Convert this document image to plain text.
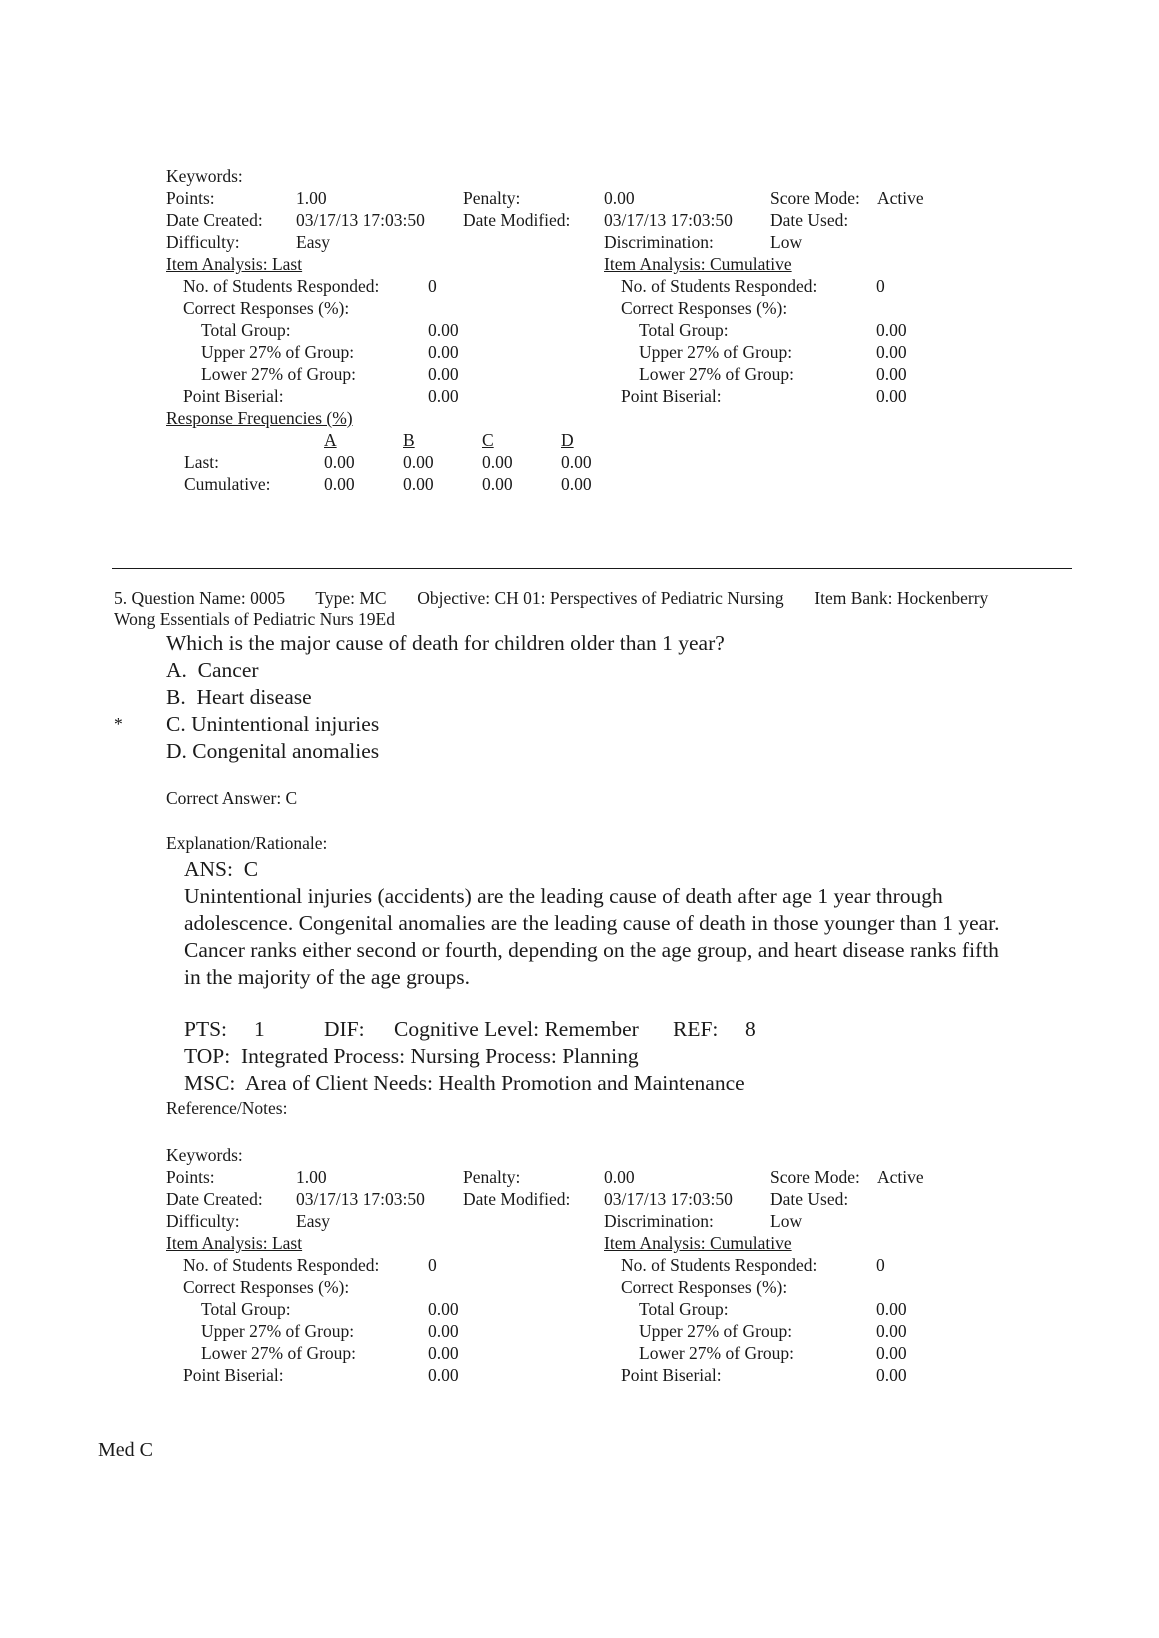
Keywords:
Points:	1.00	Penalty:	0.00	Score Mode: Active
Date Created: 03/17/13 17:03:50 Date Modified: 03/17/13 17:03:50 Date Used:
Difficulty:	Easy	Discrimination:	Low
Item Analysis: Last	Item Analysis: Cumulative
No. of Students Responded:	0	No. of Students Responded:	0
Correct Responses (%):	Correct Responses (%):
Total Group:	0.00	Total Group:	0.00
Upper 27% of Group:	0.00	Upper 27% of Group:	0.00
Lower 27% of Group:	0.00	Lower 27% of Group:	0.00
Point Biserial:	0.00	Point Biserial:	0.00
Response Frequencies (%)
A	B	C	D
Last:	0.00	0.00	0.00	0.00
Cumulative:	0.00	0.00	0.00	0.00
5. Question Name: 0005       Type: MC       Objective: CH 01: Perspectives of Pediatric Nursing       Item Bank: Hockenberry
Wong Essentials of Pediatric Nurs 19Ed
Which is the major cause of death for children older than 1 year?
A.  Cancer
B.  Heart disease
* C. Unintentional injuries
D. Congenital anomalies
Correct Answer: C
Explanation/Rationale:
ANS:  C
Unintentional injuries (accidents) are the leading cause of death after age 1 year through
adolescence. Congenital anomalies are the leading cause of death in those younger than 1 year.
Cancer ranks either second or fourth, depending on the age group, and heart disease ranks fifth
in the majority of the age groups.
PTS: 1	DIF: Cognitive Level: Remember REF: 8
TOP:  Integrated Process: Nursing Process: Planning
MSC:  Area of Client Needs: Health Promotion and Maintenance
Reference/Notes:
Keywords:
Points:	1.00	Penalty:	0.00	Score Mode: Active
Date Created: 03/17/13 17:03:50 Date Modified: 03/17/13 17:03:50 Date Used:
Difficulty:	Easy	Discrimination:	Low
Item Analysis: Last	Item Analysis: Cumulative
No. of Students Responded:	0	No. of Students Responded:	0
Correct Responses (%):	Correct Responses (%):
Total Group:	0.00	Total Group:	0.00
Upper 27% of Group:	0.00	Upper 27% of Group:	0.00
Lower 27% of Group:	0.00	Lower 27% of Group:	0.00
Point Biserial:	0.00	Point Biserial:	0.00
Med C
